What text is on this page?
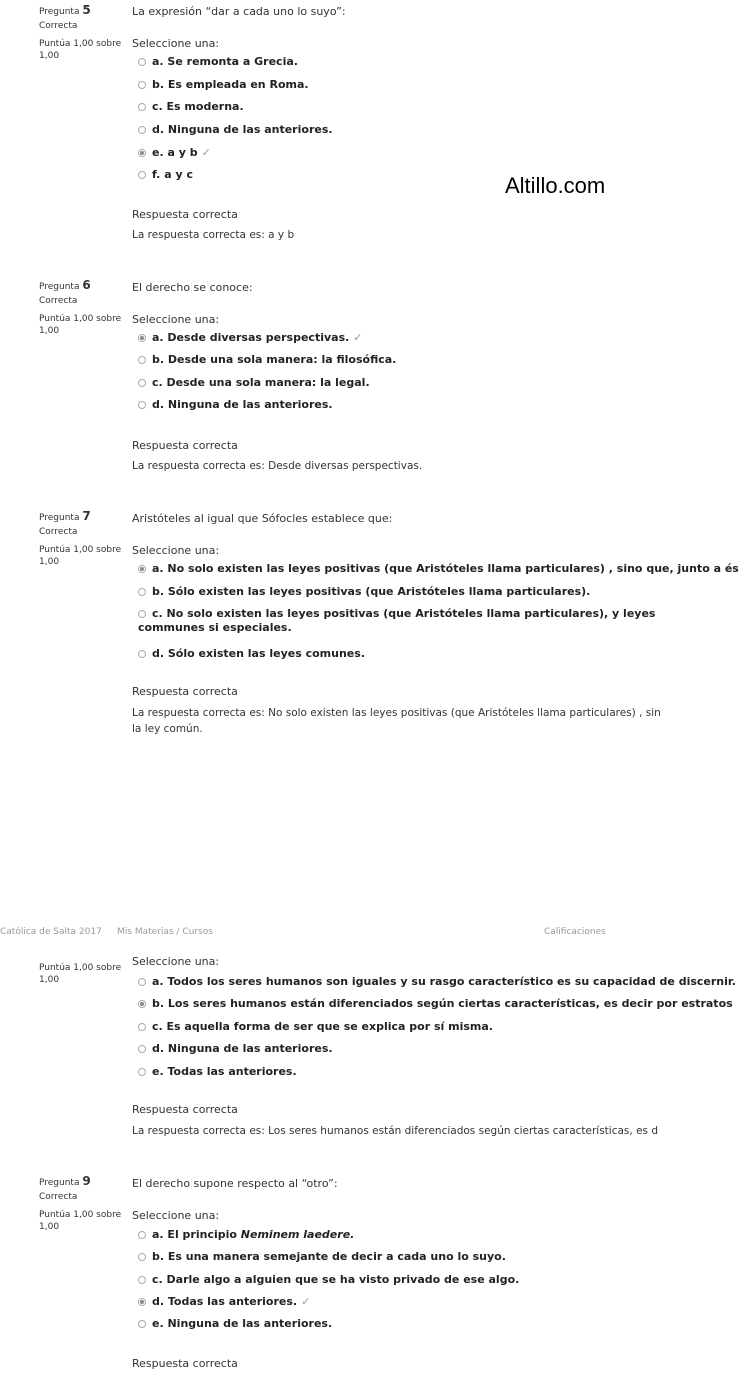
Altillo.com
Pregunta 5
Correcta
Puntúa 1,00 sobre 1,00
La expresión “dar a cada uno lo suyo”:
Seleccione una:
a. Se remonta a Grecia.
b. Es empleada en Roma.
c. Es moderna.
d. Ninguna de las anteriores.
e. a y b ✓
f. a y c
Respuesta correcta
La respuesta correcta es: a y b
Pregunta 6
Correcta
Puntúa 1,00 sobre 1,00
El derecho se conoce:
Seleccione una:
a. Desde diversas perspectivas. ✓
b. Desde una sola manera: la filosófica.
c. Desde una sola manera: la legal.
d. Ninguna de las anteriores.
Respuesta correcta
La respuesta correcta es: Desde diversas perspectivas.
Pregunta 7
Correcta
Puntúa 1,00 sobre 1,00
Aristóteles al igual que Sófocles establece que:
Seleccione una:
a. No solo existen las leyes positivas (que Aristóteles llama particulares) , sino que, junto a és
b. Sólo existen las leyes positivas (que Aristóteles llama particulares).
c. No solo existen las leyes positivas (que Aristóteles llama particulares), y leyes communes si especiales.
d. Sólo existen las leyes comunes.
Respuesta correcta
La respuesta correcta es: No solo existen las leyes positivas (que Aristóteles llama particulares) , sin la ley común.
Católica de Salta 2017 Mis Materias / Cursos	Calificaciones
Puntúa 1,00 sobre 1,00
Seleccione una:
a. Todos los seres humanos son iguales y su rasgo característico es su capacidad de discernir.
b. Los seres humanos están diferenciados según ciertas características, es decir por estratos
c. Es aquella forma de ser que se explica por sí misma.
d. Ninguna de las anteriores.
e. Todas las anteriores.
Respuesta correcta
La respuesta correcta es: Los seres humanos están diferenciados según ciertas características, es d
Pregunta 9
Correcta
Puntúa 1,00 sobre 1,00
El derecho supone respecto al “otro”:
Seleccione una:
a. El principio Neminem laedere.
b. Es una manera semejante de decir a cada uno lo suyo.
c. Darle algo a alguien que se ha visto privado de ese algo.
d. Todas las anteriores. ✓
e. Ninguna de las anteriores.
Respuesta correcta
